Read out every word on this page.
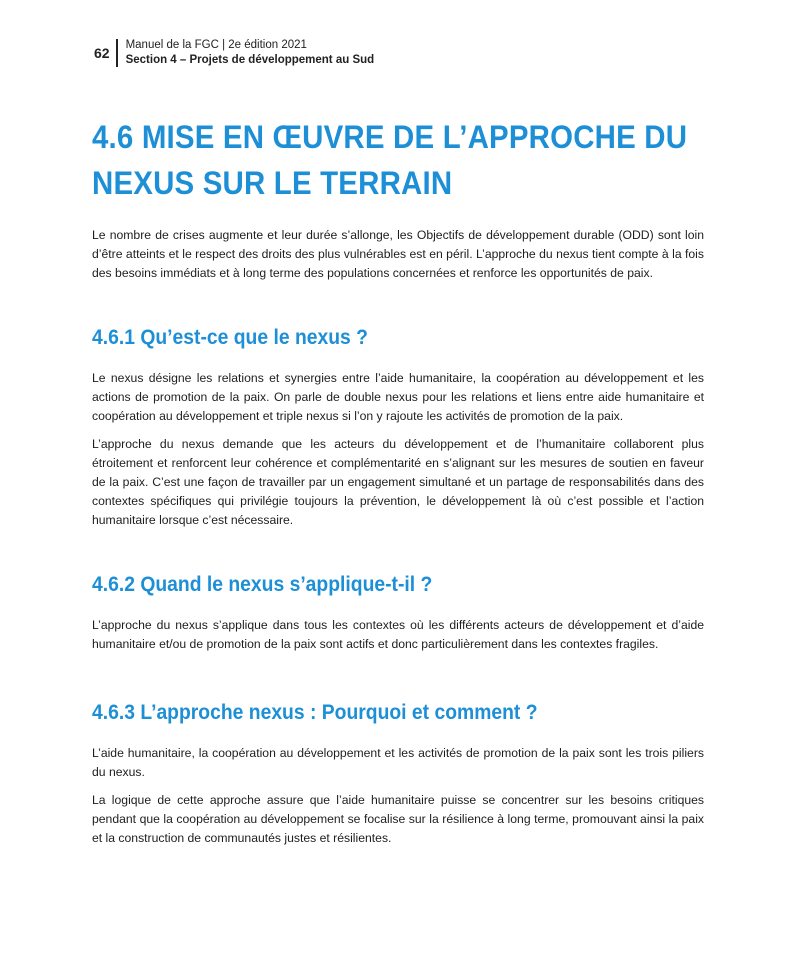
62	Manuel de la FGC | 2e édition 2021
Section 4 – Projets de développement au Sud
4.6 MISE EN ŒUVRE DE L’APPROCHE DU NEXUS SUR LE TERRAIN

Le nombre de crises augmente et leur durée s’allonge, les Objectifs de développement durable (ODD) sont loin d’être atteints et le respect des droits des plus vulnérables est en péril. L’approche du nexus tient compte à la fois des besoins immédiats et à long terme des populations concernées et renforce les opportunités de paix.

4.6.1 Qu’est-ce que le nexus ?

Le nexus désigne les relations et synergies entre l’aide humanitaire, la coopération au développement et les actions de promotion de la paix. On parle de double nexus pour les relations et liens entre aide humanitaire et coopération au développement et triple nexus si l’on y rajoute les activités de promotion de la paix.

L’approche du nexus demande que les acteurs du développement et de l’humanitaire collaborent plus étroitement et renforcent leur cohérence et complémentarité en s’alignant sur les mesures de soutien en faveur de la paix. C’est une façon de travailler par un engagement simultané et un partage de responsabilités dans des contextes spécifiques qui privilégie toujours la prévention, le développement là où c’est possible et l’action humanitaire lorsque c’est nécessaire.

4.6.2 Quand le nexus s’applique-t-il ?

L’approche du nexus s’applique dans tous les contextes où les différents acteurs de développement et d’aide humanitaire et/ou de promotion de la paix sont actifs et donc particulièrement dans les contextes fragiles.

4.6.3 L’approche nexus : Pourquoi et comment ?

L’aide humanitaire, la coopération au développement et les activités de promotion de la paix sont les trois piliers du nexus.

La logique de cette approche assure que l’aide humanitaire puisse se concentrer sur les besoins critiques pendant que la coopération au développement se focalise sur la résilience à long terme, promouvant ainsi la paix et la construction de communautés justes et résilientes.
